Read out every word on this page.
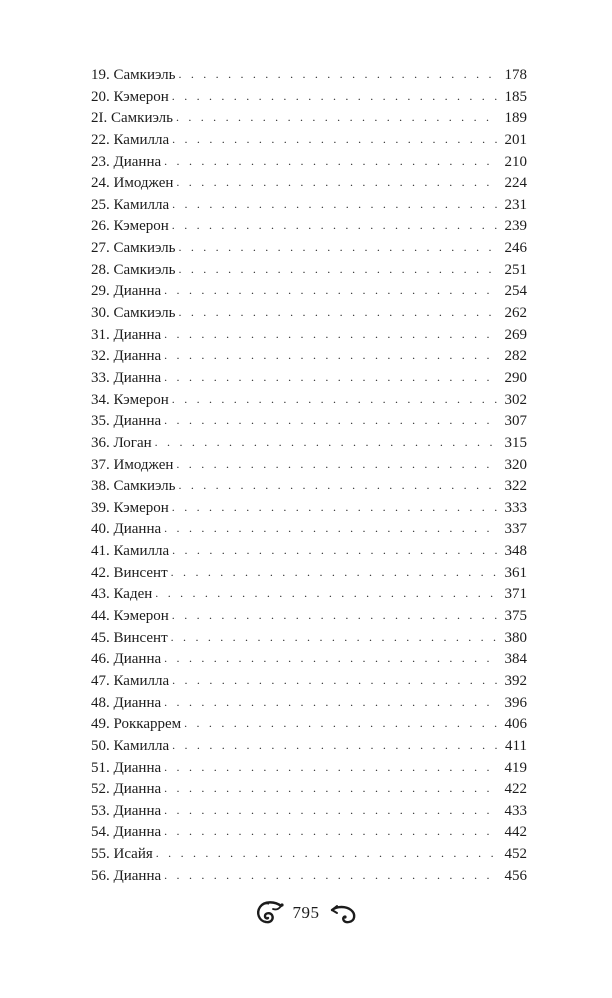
19. Самкиэль . . .	178
20. Кэмерон . . .	185
2I. Самкиэль . . .	189
22. Камилла . . .	201
23. Дианна . . .	210
24. Имоджен . . .	224
25. Камилла . . .	231
26. Кэмерон . . .	239
27. Самкиэль . . .	246
28. Самкиэль . . .	251
29. Дианна . . .	254
30. Самкиэль . . .	262
31. Дианна . . .	269
32. Дианна . . .	282
33. Дианна . . .	290
34. Кэмерон . . .	302
35. Дианна . . .	307
36. Логан . . .	315
37. Имоджен . . .	320
38. Самкиэль . . .	322
39. Кэмерон . . .	333
40. Дианна . . .	337
41. Камилла . . .	348
42. Винсент . . .	361
43. Каден . . .	371
44. Кэмерон . . .	375
45. Винсент . . .	380
46. Дианна . . .	384
47. Камилла . . .	392
48. Дианна . . .	396
49. Роккаррем . . .	406
50. Камилла . . .	411
51. Дианна . . .	419
52. Дианна . . .	422
53. Дианна . . .	433
54. Дианна . . .	442
55. Исайя . . .	452
56. Дианна . . .	456
795
